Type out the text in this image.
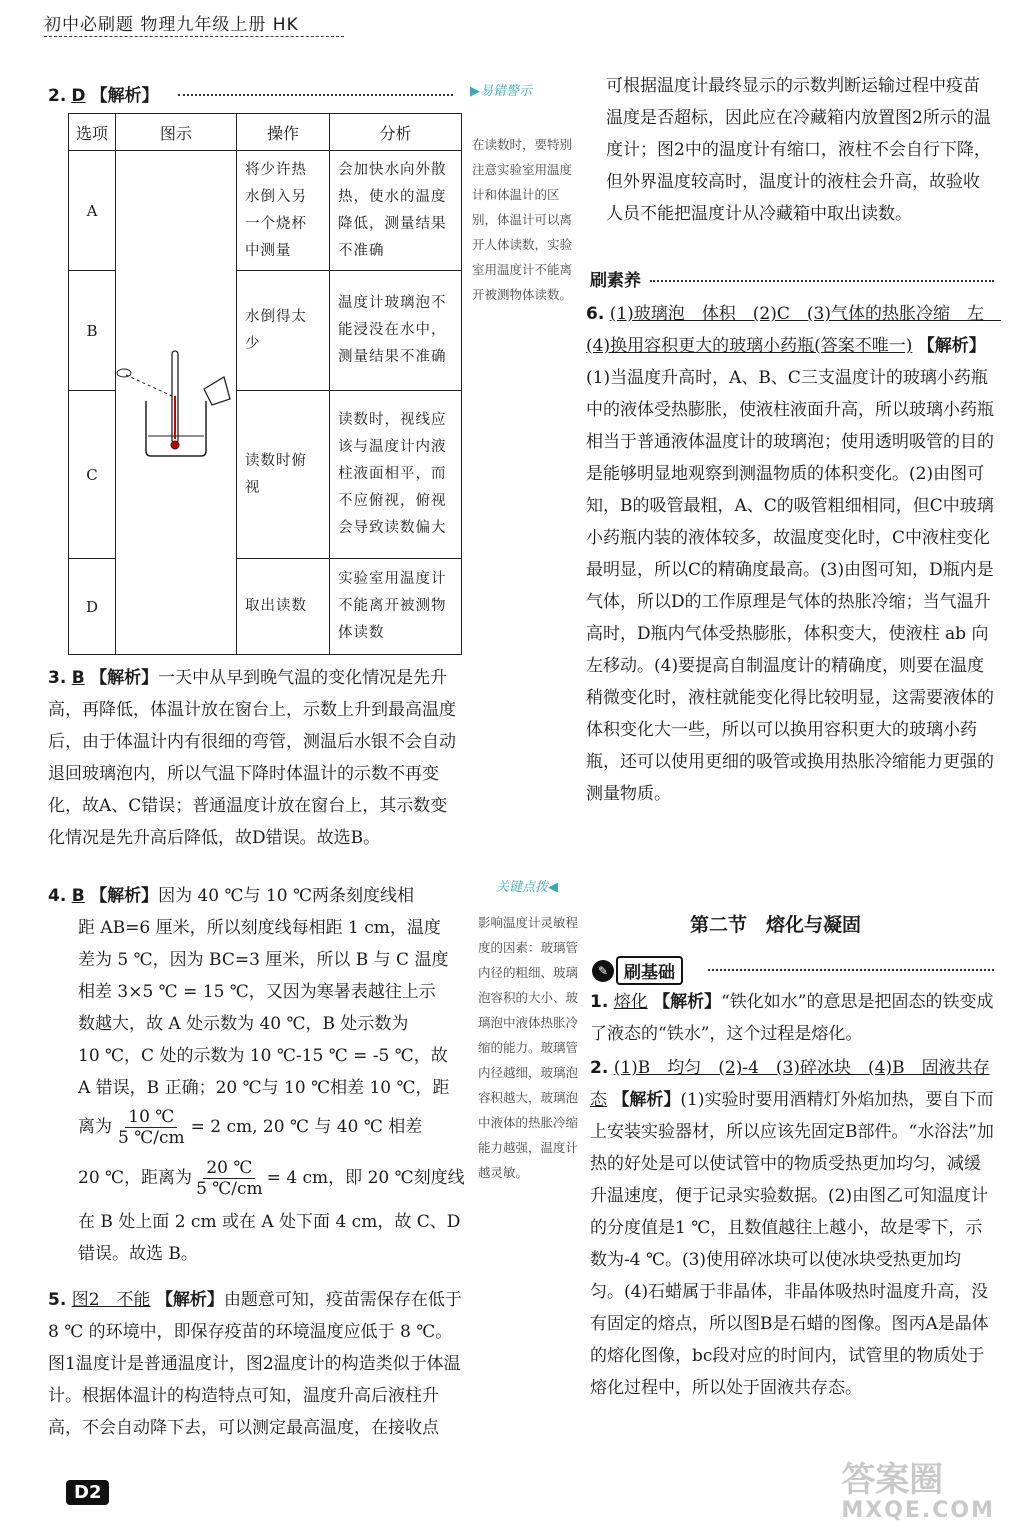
初中必刷题 物理九年级上册 HK
2. D 【解析】
选项	图示	操作	分析
A		将少许热水倒入另一个烧杯中测量	会加快水向外散热，使水的温度降低，测量结果不准确
B		水倒得太少	温度计玻璃泡不能浸没在水中，测量结果不准确
C		读数时俯视	读数时，视线应该与温度计内液柱液面相平，而不应俯视，俯视会导致读数偏大
D		取出读数	实验室用温度计不能离开被测物体读数
▶易错警示
在读数时，要特别注意实验室用温度计和体温计的区别，体温计可以离开人体读数，实验室用温度计不能离开被测物体读数。
3. B 【解析】一天中从早到晚气温的变化情况是先升高，再降低，体温计放在窗台上，示数上升到最高温度后，由于体温计内有很细的弯管，测温后水银不会自动退回玻璃泡内，所以气温下降时体温计的示数不再变化，故A、C错误；普通温度计放在窗台上，其示数变化情况是先升高后降低，故D错误。故选B。
4. B 【解析】因为 40 ℃与 10 ℃两条刻度线相
距 AB=6 厘米，所以刻度线每相距 1 cm，温度
差为 5 ℃，因为 BC=3 厘米，所以 B 与 C 温度
相差 3×5 ℃ = 15 ℃，又因为寒暑表越往上示
数越大，故 A 处示数为 40 ℃，B 处示数为
10 ℃，C 处的示数为 10 ℃-15 ℃ = -5 ℃，故
A 错误，B 正确；20 ℃与 10 ℃相差 10 ℃，距
离为 $\frac{10 ℃}{5 ℃/cm} = 2$ cm, 20 ℃ 与 40 ℃ 相差
20 ℃，距离为 $\frac{20 ℃}{5 ℃/cm} = 4$ cm，即 20 ℃刻度线
在 B 处上面 2 cm 或在 A 处下面 4 cm，故 C、D
错误。故选 B。
关键点拨◀
影响温度计灵敏程度的因素：玻璃管内径的粗细、玻璃泡容积的大小、玻璃泡中液体热胀冷缩的能力。玻璃管内径越细，玻璃泡容积越大，玻璃泡中液体的热胀冷缩能力越强，温度计越灵敏。
5. 图2　不能 【解析】由题意可知，疫苗需保存在低于 8 ℃ 的环境中，即保存疫苗的环境温度应低于 8 ℃。图1温度计是普通温度计，图2温度计的构造类似于体温计。根据体温计的构造特点可知，温度升高后液柱升高，不会自动降下去，可以测定最高温度，在接收点
可根据温度计最终显示的示数判断运输过程中疫苗温度是否超标，因此应在冷藏箱内放置图2所示的温度计；图2中的温度计有缩口，液柱不会自行下降，但外界温度较高时，温度计的液柱会升高，故验收人员不能把温度计从冷藏箱中取出读数。
刷素养
6. (1)玻璃泡　体积　(2)C　(3)气体的热胀冷缩　左　(4)换用容积更大的玻璃小药瓶(答案不唯一) 【解析】(1)当温度升高时，A、B、C三支温度计的玻璃小药瓶中的液体受热膨胀，使液柱液面升高，所以玻璃小药瓶相当于普通液体温度计的玻璃泡；使用透明吸管的目的是能够明显地观察到测温物质的体积变化。(2)由图可知，B的吸管最粗，A、C的吸管粗细相同，但C中玻璃小药瓶内装的液体较多，故温度变化时，C中液柱变化最明显，所以C的精确度最高。(3)由图可知，D瓶内是气体，所以D的工作原理是气体的热胀冷缩；当气温升高时，D瓶内气体受热膨胀，体积变大，使液柱 ab 向左移动。(4)要提高自制温度计的精确度，则要在温度稍微变化时，液柱就能变化得比较明显，这需要液体的体积变化大一些，所以可以换用容积更大的玻璃小药瓶，还可以使用更细的吸管或换用热胀冷缩能力更强的测量物质。
第二节　熔化与凝固
✎ 刷基础
1. 熔化 【解析】“铁化如水”的意思是把固态的铁变成了液态的“铁水”，这个过程是熔化。
2. (1)B　均匀　(2)-4　(3)碎冰块　(4)B　固液共存态 【解析】(1)实验时要用酒精灯外焰加热，要自下而上安装实验器材，所以应该先固定B部件。“水浴法”加热的好处是可以使试管中的物质受热更加均匀，减缓升温速度，便于记录实验数据。(2)由图乙可知温度计的分度值是1 ℃，且数值越往上越小，故是零下，示数为-4 ℃。(3)使用碎冰块可以使冰块受热更加均匀。(4)石蜡属于非晶体，非晶体吸热时温度升高，没有固定的熔点，所以图B是石蜡的图像。图丙A是晶体的熔化图像，bc段对应的时间内，试管里的物质处于熔化过程中，所以处于固液共存态。
D2	答案圈
MXQE.COM
